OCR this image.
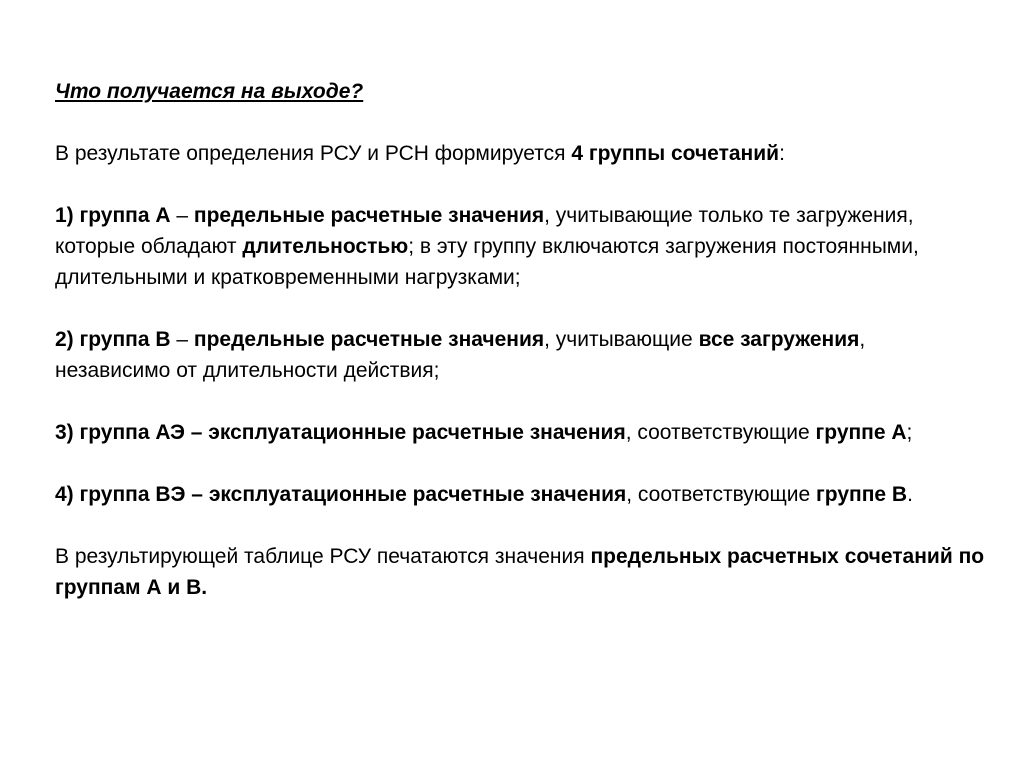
Что получается на выходе?
В результате определения РСУ и РСН формируется 4 группы сочетаний:
1) группа А – предельные расчетные значения, учитывающие только те загружения, которые обладают длительностью; в эту группу включаются загружения постоянными, длительными и кратковременными нагрузками;
2) группа В – предельные расчетные значения, учитывающие все загружения, независимо от длительности действия;
3) группа АЭ – эксплуатационные расчетные значения, соответствующие группе А;
4) группа ВЭ – эксплуатационные расчетные значения, соответствующие группе В.
В результирующей таблице РСУ печатаются значения предельных расчетных сочетаний по группам А и В.
